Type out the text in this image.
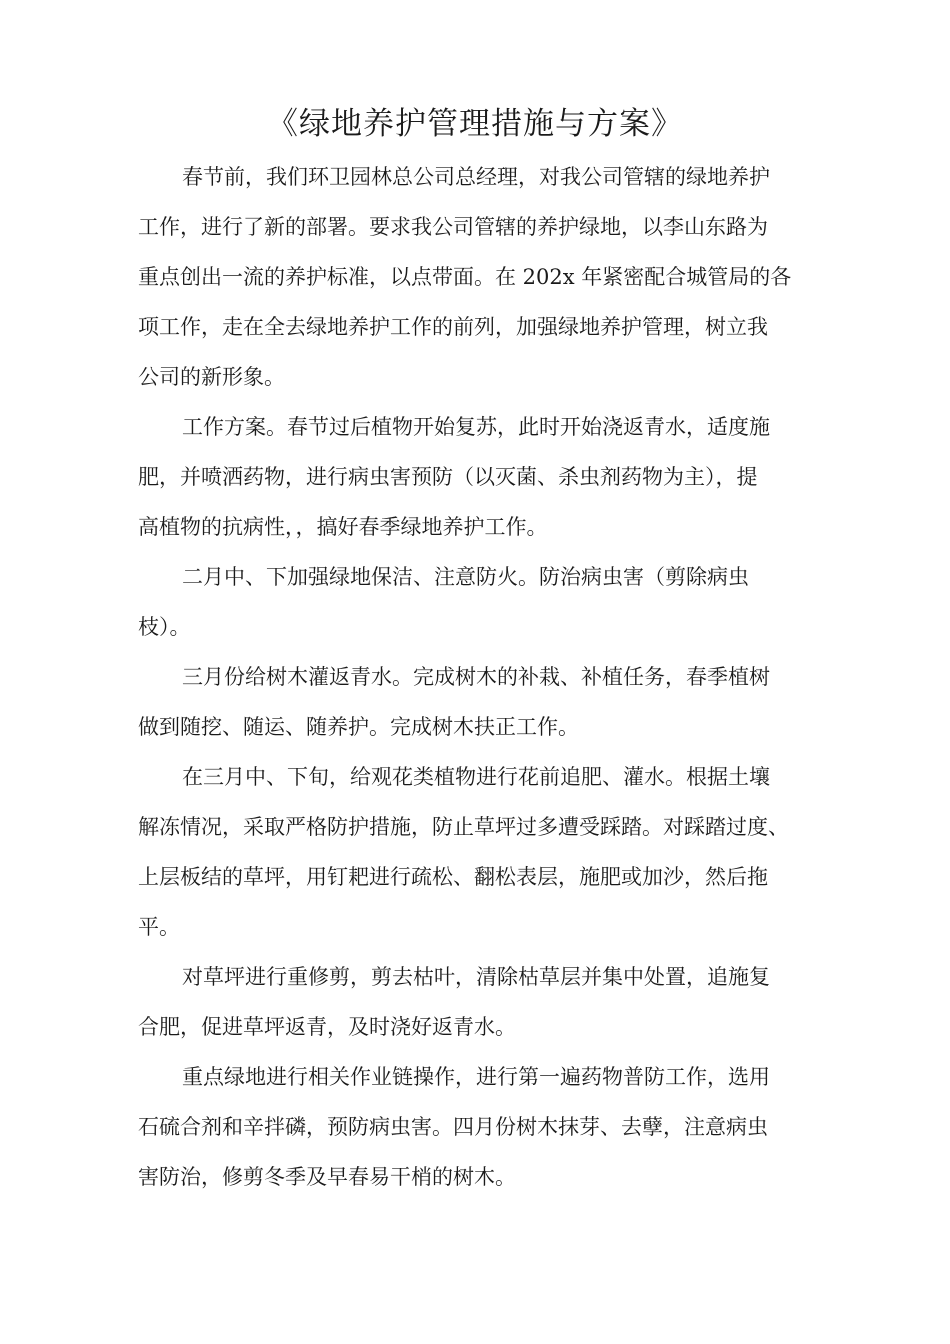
《绿地养护管理措施与方案》

春节前，我们环卫园林总公司总经理，对我公司管辖的绿地养护
工作，进行了新的部署。要求我公司管辖的养护绿地，以李山东路为
重点创出一流的养护标准，以点带面。在 202x 年紧密配合城管局的各
项工作，走在全去绿地养护工作的前列，加强绿地养护管理，树立我
公司的新形象。

工作方案。春节过后植物开始复苏，此时开始浇返青水，适度施
肥，并喷洒药物，进行病虫害预防（以灭菌、杀虫剂药物为主），提
高植物的抗病性，，搞好春季绿地养护工作。

二月中、下加强绿地保洁、注意防火。防治病虫害（剪除病虫
枝）。

三月份给树木灌返青水。完成树木的补栽、补植任务，春季植树
做到随挖、随运、随养护。完成树木扶正工作。

在三月中、下旬，给观花类植物进行花前追肥、灌水。根据土壤
解冻情况，采取严格防护措施，防止草坪过多遭受踩踏。对踩踏过度、
上层板结的草坪，用钉耙进行疏松、翻松表层，施肥或加沙，然后拖
平。

对草坪进行重修剪，剪去枯叶，清除枯草层并集中处置，追施复
合肥，促进草坪返青，及时浇好返青水。

重点绿地进行相关作业链操作，进行第一遍药物普防工作，选用
石硫合剂和辛拌磷，预防病虫害。四月份树木抹芽、去孽，注意病虫
害防治，修剪冬季及早春易干梢的树木。
